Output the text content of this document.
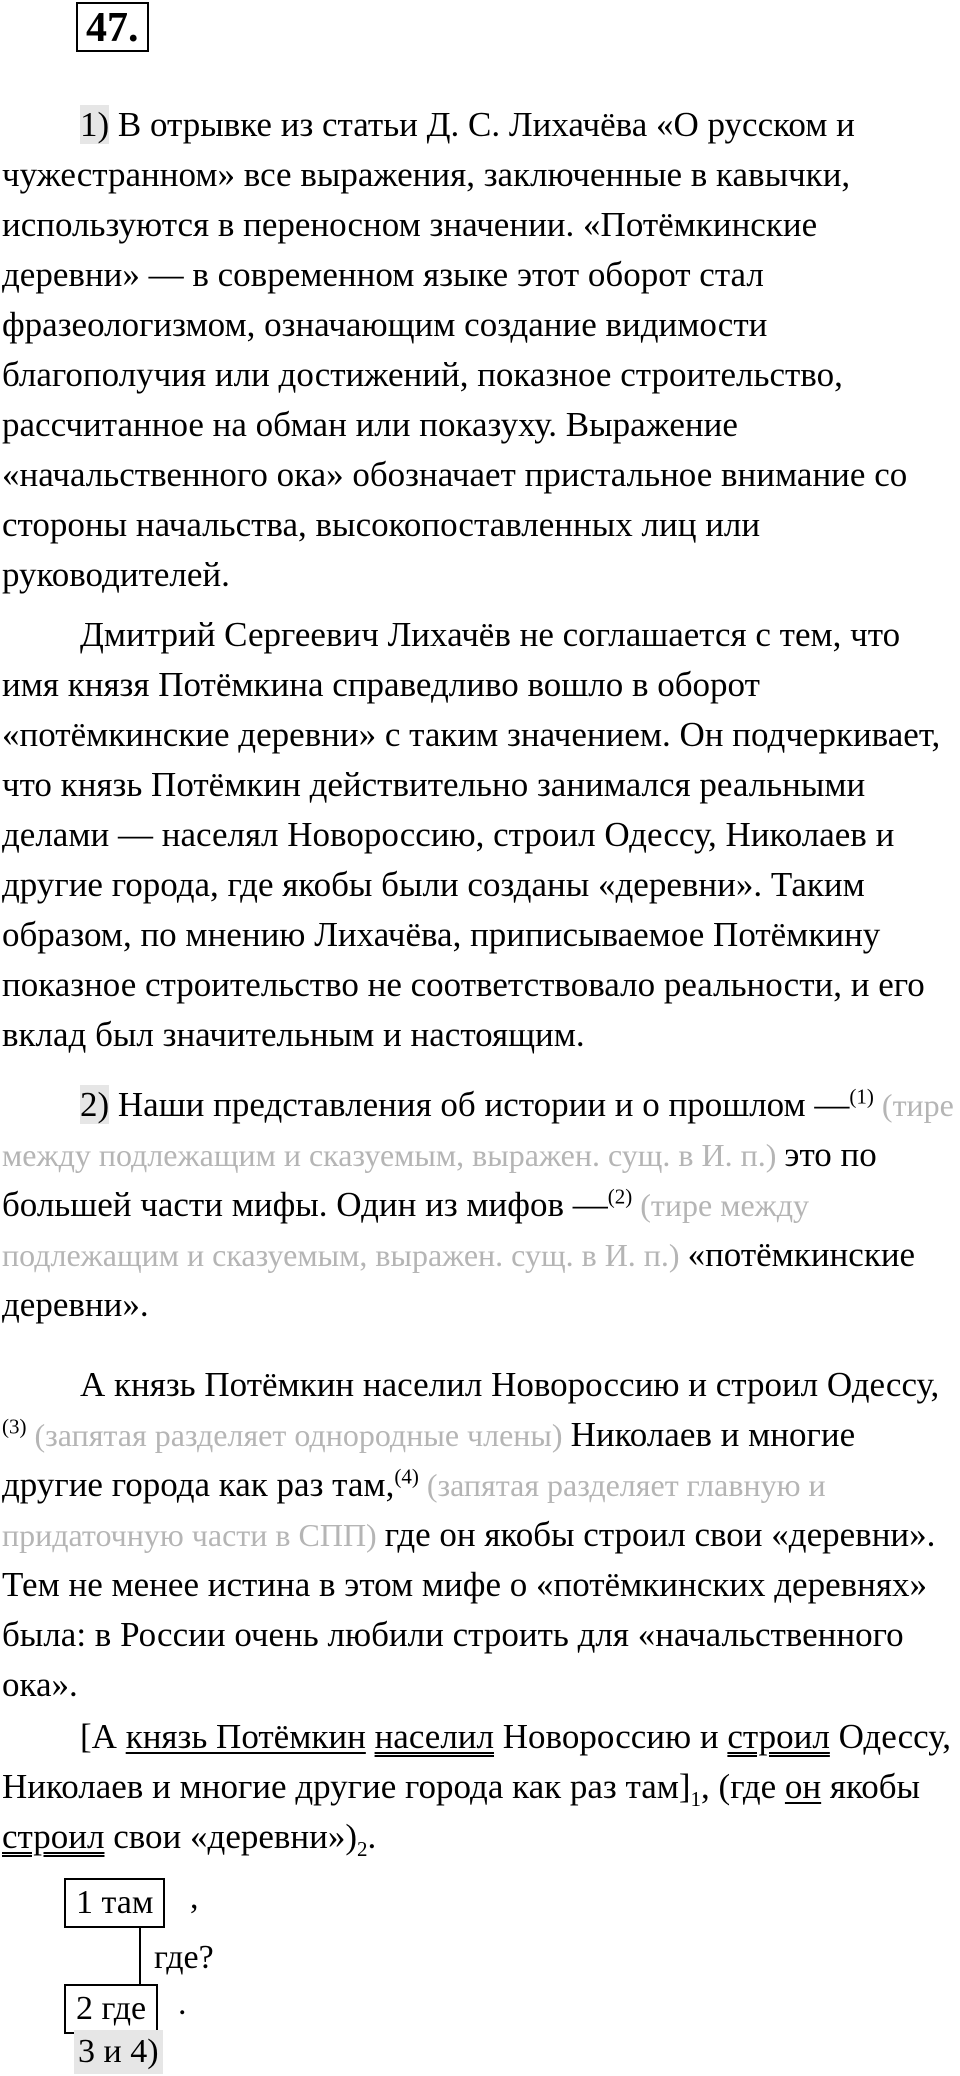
47.

1) В отрывке из статьи Д. С. Лихачёва «О русском и чужестранном» все выражения, заключенные в кавычки, используются в переносном значении. «Потёмкинские деревни» — в современном языке этот оборот стал фразеологизмом, означающим создание видимости благополучия или достижений, показное строительство, рассчитанное на обман или показуху. Выражение «начальственного ока» обозначает пристальное внимание со стороны начальства, высокопоставленных лиц или руководителей.

Дмитрий Сергеевич Лихачёв не соглашается с тем, что имя князя Потёмкина справедливо вошло в оборот «потёмкинские деревни» с таким значением. Он подчеркивает, что князь Потёмкин действительно занимался реальными делами — населял Новороссию, строил Одессу, Николаев и другие города, где якобы были созданы «деревни». Таким образом, по мнению Лихачёва, приписываемое Потёмкину показное строительство не соответствовало реальности, и его вклад был значительным и настоящим.

2) Наши представления об истории и о прошлом —$^{(1)}$ (тире между подлежащим и сказуемым, выражен. сущ. в И. п.) это по большей части мифы. Один из мифов —$^{(2)}$ (тире между подлежащим и сказуемым, выражен. сущ. в И. п.) «потёмкинские деревни».

А князь Потёмкин населил Новороссию и строил Одессу,$^{(3)}$ (запятая разделяет однородные члены) Николаев и многие другие города как раз там,$^{(4)}$ (запятая разделяет главную и придаточную части в СПП) где он якобы строил свои «деревни». Тем не менее истина в этом мифе о «потёмкинских деревнях» была: в России очень любили строить для «начальственного ока».

[А князь Потёмкин населил Новороссию и строил Одессу, Николаев и многие другие города как раз $там]_1$, (где он якобы строил свои «$деревни»)_2$.

1 там	,
где?
2 где .
3 и 4)
